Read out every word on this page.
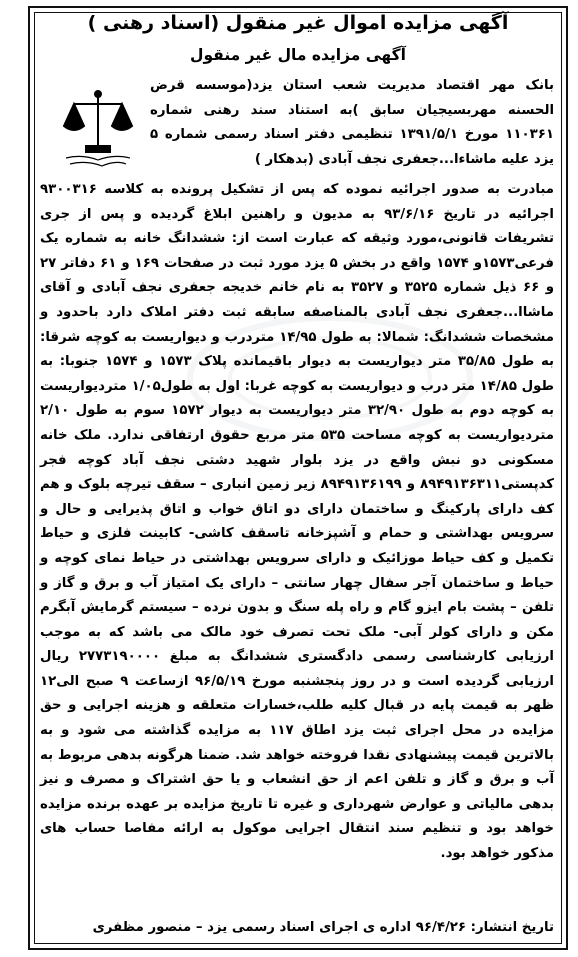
آگهی مزایده اموال غیر منقول (اسناد رهنی )
آگهی مزایده مال غیر منقول
بانک مهر اقتصاد مدیریت شعب استان یزد(موسسه قرض الحسنه مهربسیجیان سابق )به استناد سند رهنی شماره ۱۱۰۳۶۱ مورخ ۱۳۹۱/۵/۱ تنظیمی دفتر اسناد رسمی شماره ۵ یزد علیه ماشاءا...جعفری نجف آبادی (بدهکار )
مبادرت به صدور اجرائیه نموده که پس از تشکیل پرونده به کلاسه ۹۳۰۰۳۱۶ اجرائیه در تاریخ ۹۳/۶/۱۶ به مدیون و راهنین ابلاغ گردیده و پس از جری تشریفات قانونی،مورد وثیقه که عبارت است از: ششدانگ خانه به شماره یک فرعی۱۵۷۳و ۱۵۷۴ واقع در بخش ۵ یزد مورد ثبت در صفحات ۱۶۹ و ۶۱ دفاتر ۲۷ و ۶۶ ذیل شماره ۳۵۲۵ و ۳۵۲۷ به نام خانم خدیجه جعفری نجف آبادی و آقای ماشاا...جعفری نجف آبادی بالمناصفه سابقه ثبت دفتر املاک دارد باحدود و مشخصات ششدانگ: شمالا: به طول ۱۴/۹۵ متردرب و دیواریست به کوچه شرقا: به طول ۳۵/۸۵ متر دیواریست به دیوار باقیمانده پلاک ۱۵۷۳ و ۱۵۷۴ جنوبا: به طول ۱۴/۸۵ متر درب و دیواریست به کوچه غربا: اول به طول۱/۰۵ متردیواریست به کوچه دوم به طول ۳۲/۹۰ متر دیواریست به دیوار ۱۵۷۲ سوم به طول ۲/۱۰ متردیواریست به کوچه مساحت ۵۳۵ متر مربع حقوق ارتفاقی ندارد. ملک خانه مسکونی دو نبش واقع در یزد بلوار شهید دشتی نجف آباد کوچه فجر کدپستی۸۹۴۹۱۳۶۳۱۱ و ۸۹۴۹۱۳۶۱۹۹ زیر زمین انباری – سقف تیرچه بلوک و هم کف دارای پارکینگ و ساختمان دارای دو اتاق خواب و اتاق پذیرایی و حال و سرویس بهداشتی و حمام و آشپزخانه تاسقف کاشی- کابینت فلزی و حیاط تکمیل و کف حیاط موزائیک و دارای سرویس بهداشتی در حیاط نمای کوچه و حیاط و ساختمان آجر سفال چهار سانتی – دارای یک امتیاز آب و برق و گاز و تلفن – پشت بام ایزو گام و راه پله سنگ و بدون نرده – سیستم گرمایش آبگرم مکن و دارای کولر آبی- ملک تحت تصرف خود مالک می باشد که به موجب ارزیابی کارشناسی رسمی دادگستری ششدانگ به مبلغ ۲۷۷۳۱۹۰۰۰۰ ریال ارزیابی گردیده است و در روز پنجشنبه مورخ ۹۶/۵/۱۹ ازساعت ۹ صبح الی۱۲ ظهر به قیمت پایه در قبال کلیه طلب،خسارات متعلقه و هزینه اجرایی و حق مزایده در محل اجرای ثبت یزد اطاق ۱۱۷ به مزایده گذاشته می شود و به بالاترین قیمت پیشنهادی نقدا فروخته خواهد شد. ضمنا هرگونه بدهی مربوط به آب و برق و گاز و تلفن اعم از حق انشعاب و یا حق اشتراک و مصرف و نیز بدهی مالیاتی و عوارض شهرداری و غیره تا تاریخ مزایده بر عهده برنده مزایده خواهد بود و تنظیم سند انتقال اجرایی موکول به ارائه مفاصا حساب های مذکور خواهد بود.
تاریخ انتشار: ۹۶/۴/۲۶ اداره ی اجرای اسناد رسمی یزد – منصور مظفری
